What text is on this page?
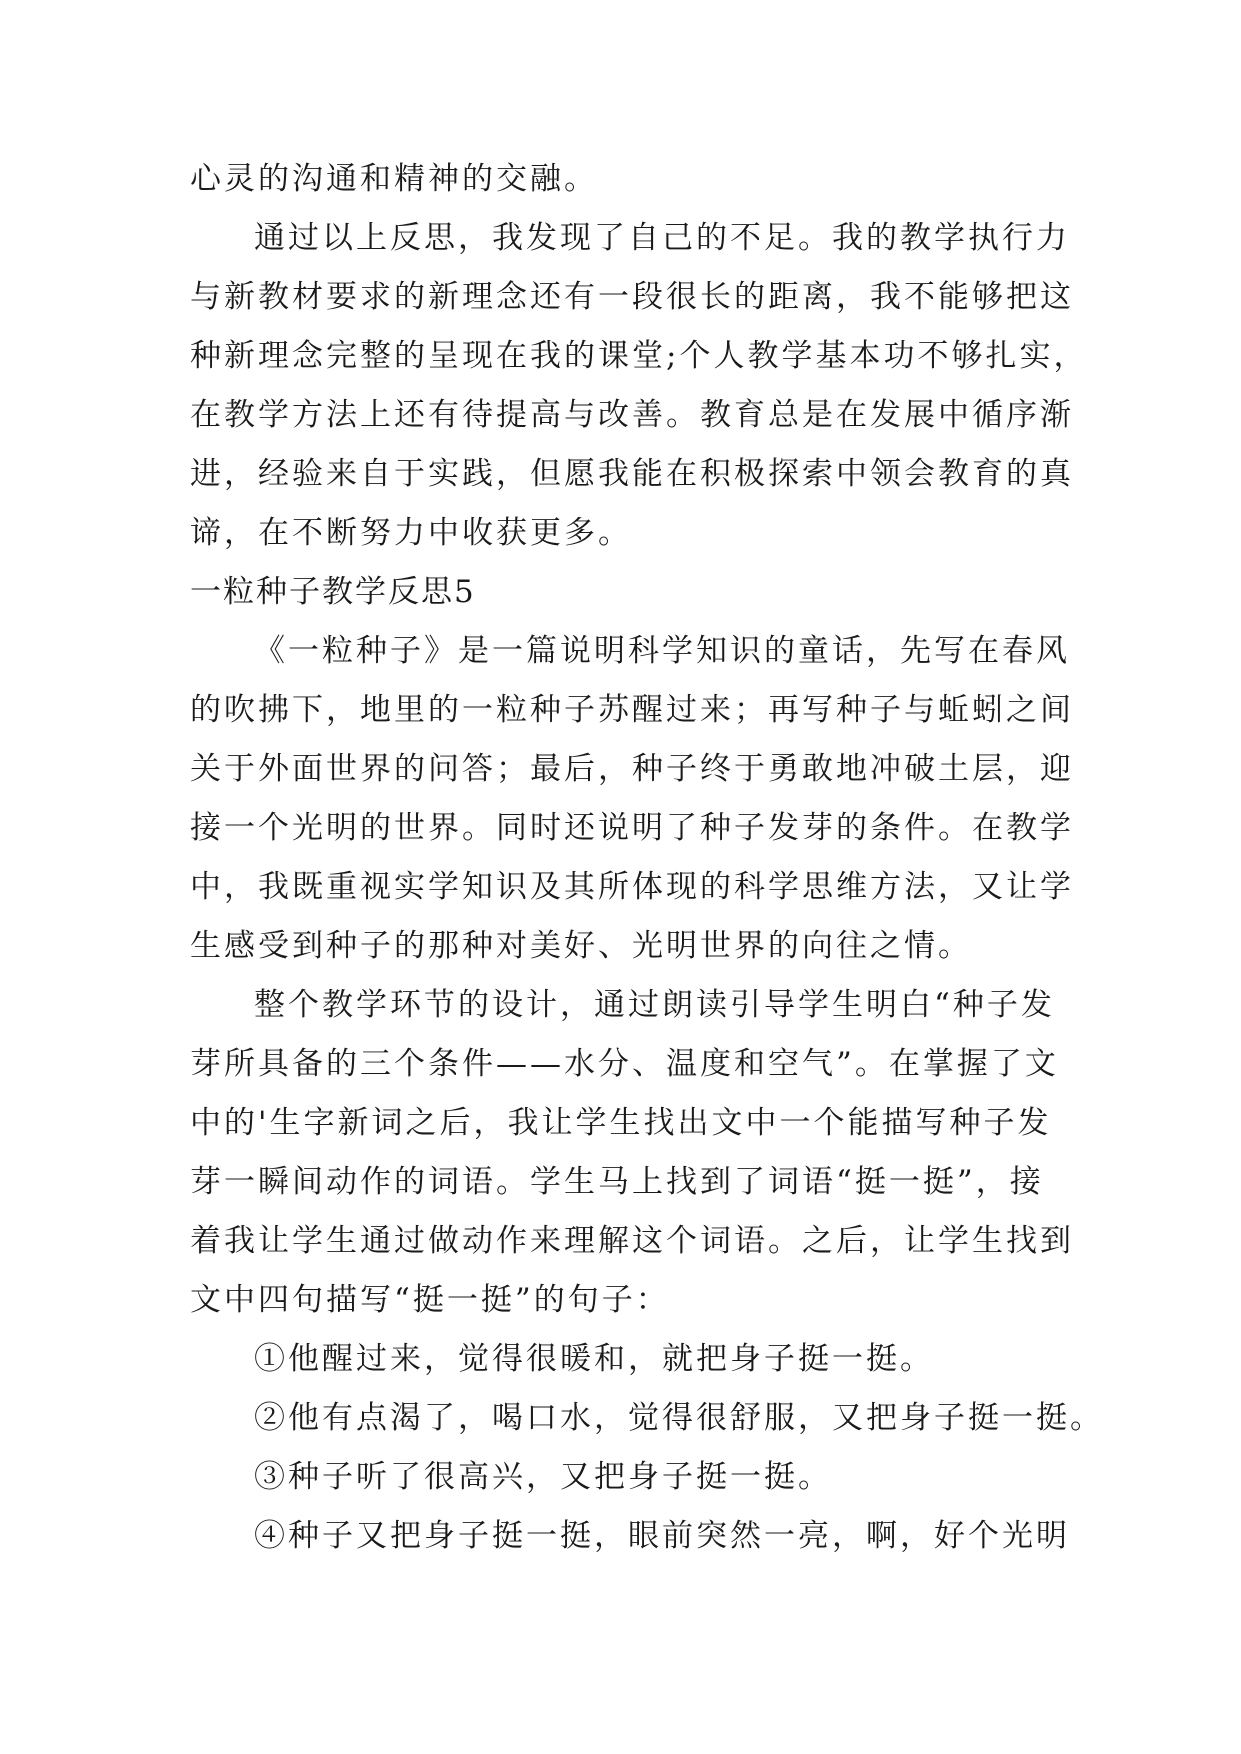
心灵的沟通和精神的交融。
通过以上反思，我发现了自己的不足。我的教学执行力
与新教材要求的新理念还有一段很长的距离，我不能够把这
种新理念完整的呈现在我的课堂;个人教学基本功不够扎实，
在教学方法上还有待提高与改善。教育总是在发展中循序渐
进，经验来自于实践，但愿我能在积极探索中领会教育的真
谛，在不断努力中收获更多。
一粒种子教学反思5
《一粒种子》是一篇说明科学知识的童话，先写在春风
的吹拂下，地里的一粒种子苏醒过来；再写种子与蚯蚓之间
关于外面世界的问答；最后，种子终于勇敢地冲破土层，迎
接一个光明的世界。同时还说明了种子发芽的条件。在教学
中，我既重视实学知识及其所体现的科学思维方法，又让学
生感受到种子的那种对美好、光明世界的向往之情。
整个教学环节的设计，通过朗读引导学生明白“种子发
芽所具备的三个条件——水分、温度和空气”。在掌握了文
中的'生字新词之后，我让学生找出文中一个能描写种子发
芽一瞬间动作的词语。学生马上找到了词语“挺一挺”，接
着我让学生通过做动作来理解这个词语。之后，让学生找到
文中四句描写“挺一挺”的句子：
①他醒过来，觉得很暖和，就把身子挺一挺。
②他有点渴了，喝口水，觉得很舒服，又把身子挺一挺。
③种子听了很高兴，又把身子挺一挺。
④种子又把身子挺一挺，眼前突然一亮，啊，好个光明
